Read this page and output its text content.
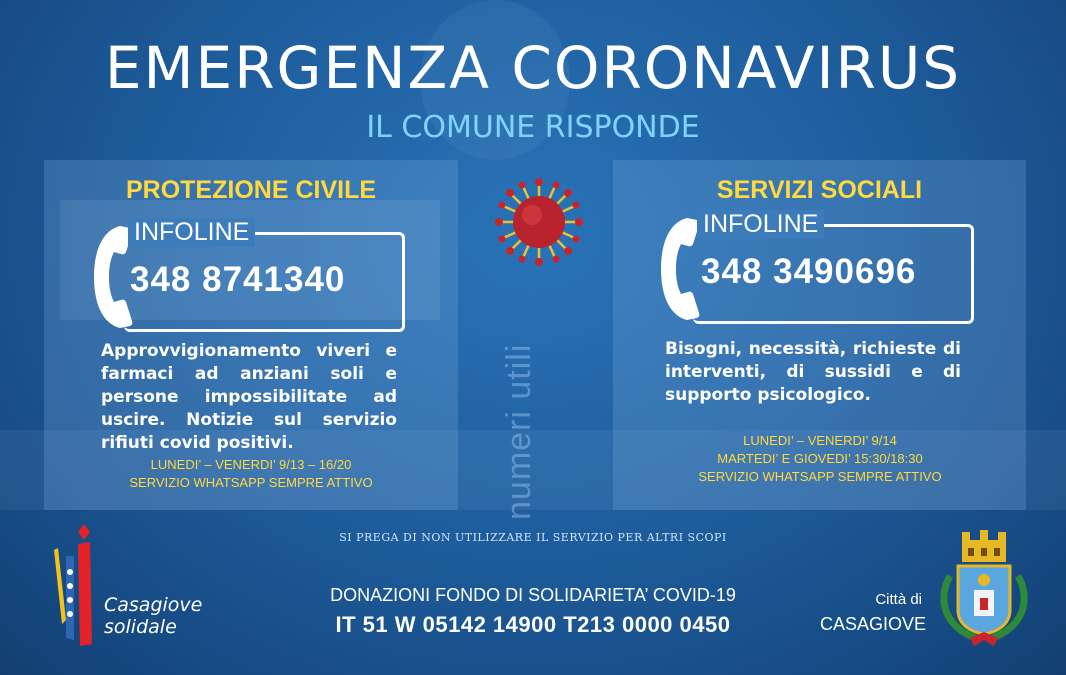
EMERGENZA CORONAVIRUS
IL COMUNE RISPONDE
PROTEZIONE CIVILE
INFOLINE
348 8741340
Approvvigionamento viveri e farmaci ad anziani soli e persone impossibilitate ad uscire. Notizie sul servizio rifiuti covid positivi.
LUNEDI’ – VENERDI’ 9/13 – 16/20
SERVIZIO WHATSAPP SEMPRE ATTIVO
SERVIZI SOCIALI
INFOLINE
348 3490696
Bisogni, necessità, richieste di interventi, di sussidi e di supporto psicologico.
LUNEDI’ – VENERDI’ 9/14
MARTEDI’ E GIOVEDI’ 15:30/18:30
SERVIZIO WHATSAPP SEMPRE ATTIVO
numeri utili
SI PREGA DI NON UTILIZZARE IL SERVIZIO PER ALTRI SCOPI
Casagiove
solidale
DONAZIONI FONDO DI SOLIDARIETA’ COVID-19
IT 51 W 05142 14900 T213 0000 0450
Città di
CASAGIOVE
